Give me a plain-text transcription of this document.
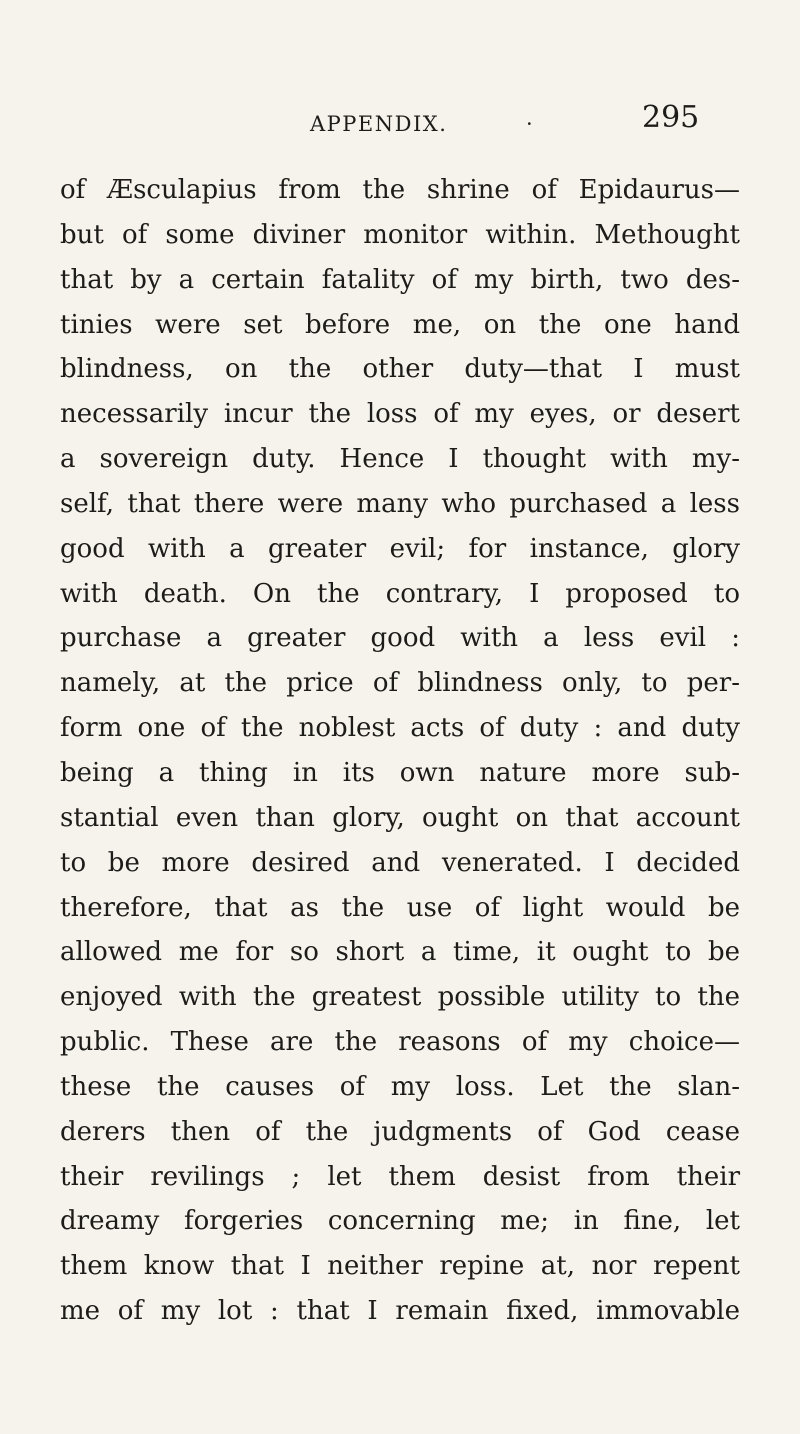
APPENDIX.	·	295
of Æsculapius from the shrine of Epidaurus—
but of some diviner monitor within. Methought
that by a certain fatality of my birth, two des-
tinies were set before me, on the one hand
blindness, on the other duty—that I must
necessarily incur the loss of my eyes, or desert
a sovereign duty. Hence I thought with my-
self, that there were many who purchased a less
good with a greater evil; for instance, glory
with death. On the contrary, I proposed to
purchase a greater good with a less evil :
namely, at the price of blindness only, to per-
form one of the noblest acts of duty : and duty
being a thing in its own nature more sub-
stantial even than glory, ought on that account
to be more desired and venerated. I decided
therefore, that as the use of light would be
allowed me for so short a time, it ought to be
enjoyed with the greatest possible utility to the
public. These are the reasons of my choice—
these the causes of my loss. Let the slan-
derers then of the judgments of God cease
their revilings ; let them desist from their
dreamy forgeries concerning me; in fine, let
them know that I neither repine at, nor repent
me of my lot : that I remain fixed, immovable
